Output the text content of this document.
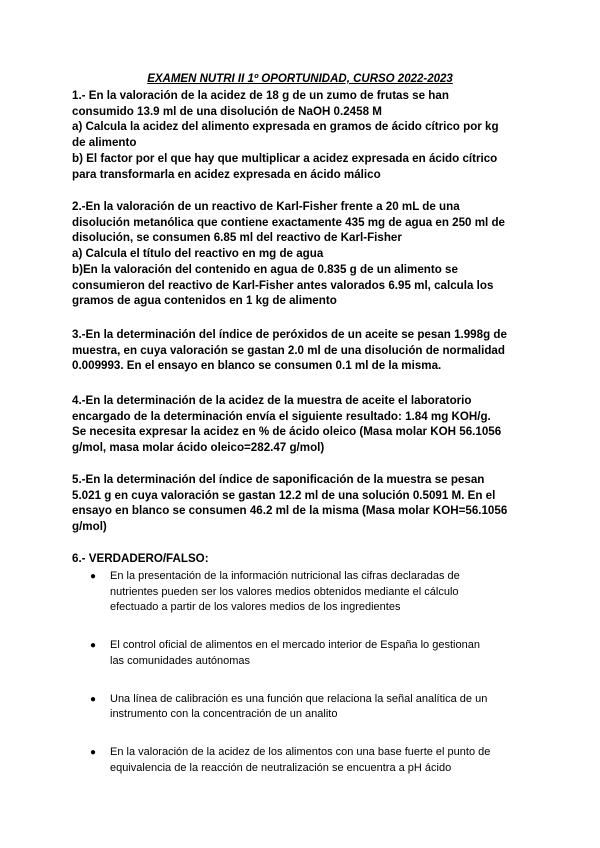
EXAMEN NUTRI II 1º OPORTUNIDAD, CURSO 2022-2023

1.- En la valoración de la acidez de 18 g de un zumo de frutas se han

consumido 13.9 ml de una disolución de NaOH 0.2458 M

a) Calcula la acidez del alimento expresada en gramos de ácido cítrico por kg

de alimento

b) El factor por el que hay que multiplicar a acidez expresada en ácido cítrico

para transformarla en acidez expresada en ácido málico

2.-En la valoración de un reactivo de Karl-Fisher frente a 20 mL de una

disolución metanólica que contiene exactamente 435 mg de agua en 250 ml de

disolución, se consumen 6.85 ml del reactivo de Karl-Fisher

a) Calcula el título del reactivo en mg de agua

b)En la valoración del contenido en agua de 0.835 g de un alimento se

consumieron del reactivo de Karl-Fisher antes valorados 6.95 ml, calcula los

gramos de agua contenidos en 1 kg de alimento

3.-En la determinación del índice de peróxidos de un aceite se pesan 1.998g de

muestra, en cuya valoración se gastan 2.0 ml de una disolución de normalidad

0.009993. En el ensayo en blanco se consumen 0.1 ml de la misma.

4.-En la determinación de la acidez de la muestra de aceite el laboratorio

encargado de la determinación envía el siguiente resultado: 1.84 mg KOH/g.

Se necesita expresar la acidez en % de ácido oleico (Masa molar KOH 56.1056

g/mol, masa molar ácido oleico=282.47 g/mol)

5.-En la determinación del índice de saponificación de la muestra se pesan

5.021 g en cuya valoración se gastan 12.2 ml de una solución 0.5091 M. En el

ensayo en blanco se consumen 46.2 ml de la misma (Masa molar KOH=56.1056

g/mol)

6.- VERDADERO/FALSO:
● En la presentación de la información nutricional las cifras declaradas de
nutrientes pueden ser los valores medios obtenidos mediante el cálculo
efectuado a partir de los valores medios de los ingredientes
● El control oficial de alimentos en el mercado interior de España lo gestionan
las comunidades autónomas
● Una línea de calibración es una función que relaciona la señal analítica de un
instrumento con la concentración de un analito
● En la valoración de la acidez de los alimentos con una base fuerte el punto de
equivalencia de la reacción de neutralización se encuentra a pH ácido
